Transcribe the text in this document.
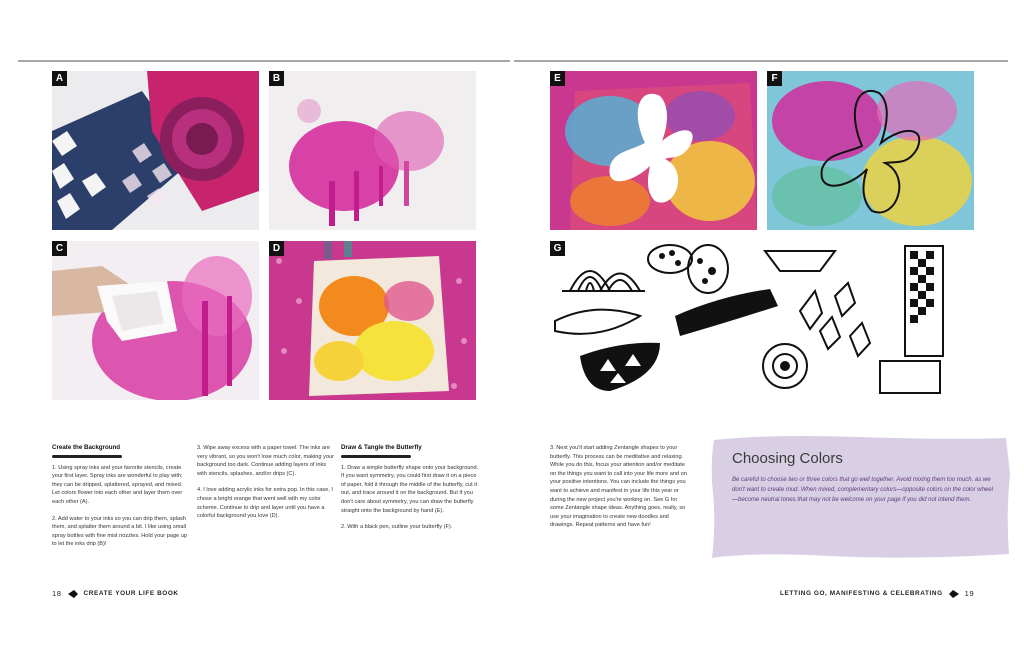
A	B
C	D
E	F
G
Create the Background

1. Using spray inks and your favorite stencils, create your first layer. Spray inks are wonderful to play with; they can be dripped, splattered, sprayed, and mixed. Let colors flower into each other and layer them over each other (A).

2. Add water to your inks so you can drip them, splash them, and splatter them around a bit. I like using small spray bottles with fine mist nozzles. Hold your page up to let the inks drip (B)!

3. Wipe away excess with a paper towel. The inks are very vibrant, so you won't lose much color, making your background too dark. Continue adding layers of inks with stencils, splashes, and/or drips (C).

4. I love adding acrylic inks for extra pop. In this case, I chose a bright orange that went well with my color scheme. Continue to drip and layer until you have a colorful background you love (D).

Draw & Tangle the Butterfly

1. Draw a simple butterfly shape onto your background. If you want symmetry, you could first draw it on a piece of paper, fold it through the middle of the butterfly, cut it out, and trace around it on the background. But if you don't care about symmetry, you can draw the butterfly straight onto the background by hand (E).

2. With a black pen, outline your butterfly (F).

3. Next you'll start adding Zentangle shapes to your butterfly. This process can be meditative and relaxing. While you do this, focus your attention and/or meditate on the things you want to call into your life more and on your positive intentions. You can include the things you want to achieve and manifest in your life this year or during the new project you're working on. See G for some Zentangle shape ideas. Anything goes, really, so use your imagination to create new doodles and drawings. Repeat patterns and have fun!

Choosing Colors

Be careful to choose two or three colors that go well together. Avoid mixing them too much, as we don't want to create mud. When mixed, complementary colors—opposite colors on the color wheel—become neutral tones that may not be welcome on your page if you did not intend them.

18	CREATE YOUR LIFE BOOK	LETTING GO, MANIFESTING & CELEBRATING	19
